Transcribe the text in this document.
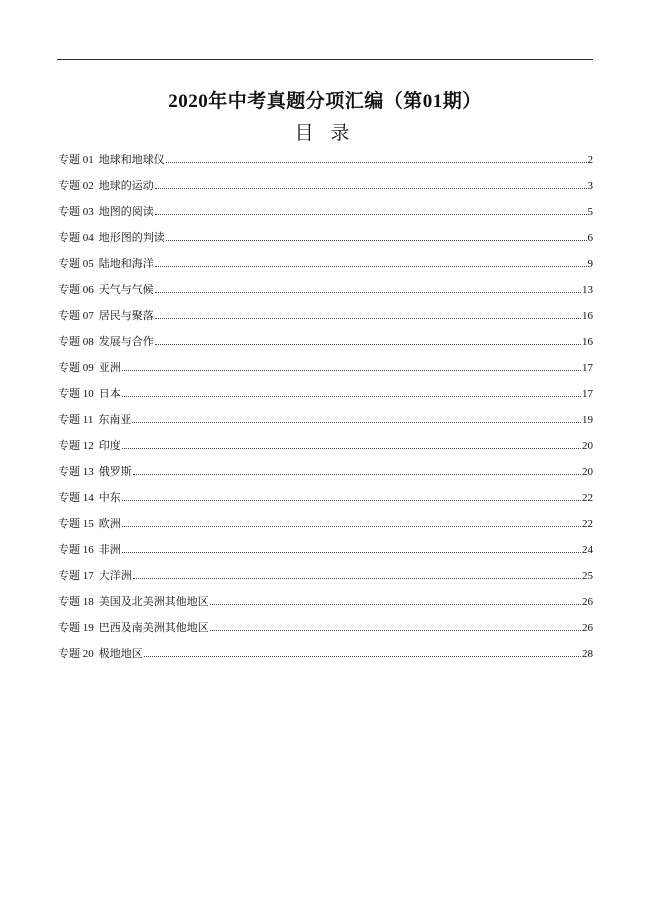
2020年中考真题分项汇编（第01期）
目 录
专题 01 地球和地球仪	2
专题 02 地球的运动	3
专题 03 地图的阅读	5
专题 04 地形图的判读	6
专题 05 陆地和海洋	9
专题 06 天气与气候	13
专题 07 居民与聚落	16
专题 08 发展与合作	16
专题 09 亚洲	17
专题 10 日本	17
专题 11 东南亚	19
专题 12 印度	20
专题 13 俄罗斯	20
专题 14 中东	22
专题 15 欧洲	22
专题 16 非洲	24
专题 17 大洋洲	25
专题 18 美国及北美洲其他地区	26
专题 19 巴西及南美洲其他地区	26
专题 20 极地地区	28
